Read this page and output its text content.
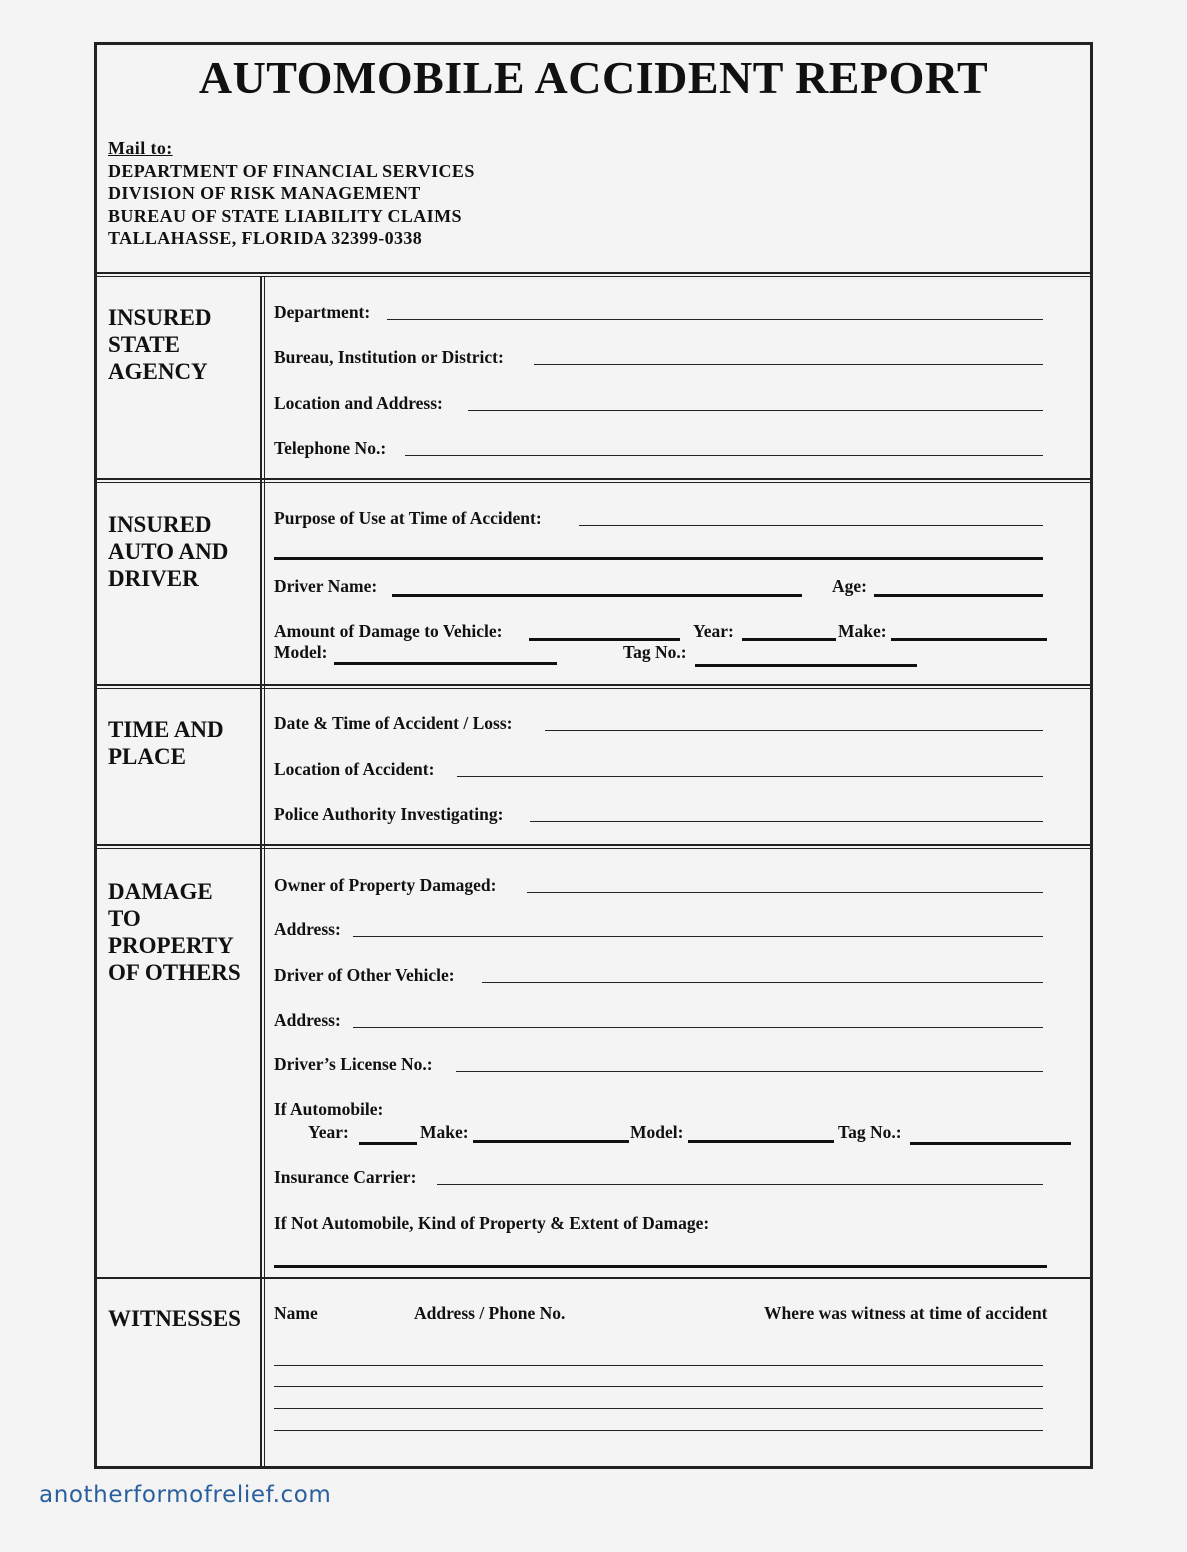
AUTOMOBILE ACCIDENT REPORT
Mail to:
DEPARTMENT OF FINANCIAL SERVICES
DIVISION OF RISK MANAGEMENT
BUREAU OF STATE LIABILITY CLAIMS
TALLAHASSE, FLORIDA 32399-0338
INSURED
STATE
AGENCY
Department:
Bureau, Institution or District:
Location and Address:
Telephone No.:
INSURED
AUTO AND
DRIVER
Purpose of Use at Time of Accident:
Driver Name:	Age:
Amount of Damage to Vehicle:	Year:	Make:
Model:	Tag No.:
TIME AND
PLACE
Date & Time of Accident / Loss:
Location of Accident:
Police Authority Investigating:
DAMAGE
TO
PROPERTY
OF OTHERS
Owner of Property Damaged:
Address:
Driver of Other Vehicle:
Address:
Driver’s License No.:
If Automobile:
Year:	Make:	Model:	Tag No.:
Insurance Carrier:
If Not Automobile, Kind of Property & Extent of Damage:
WITNESSES Name	Address / Phone No.	Where was witness at time of accident
anotherformofrelief.com
